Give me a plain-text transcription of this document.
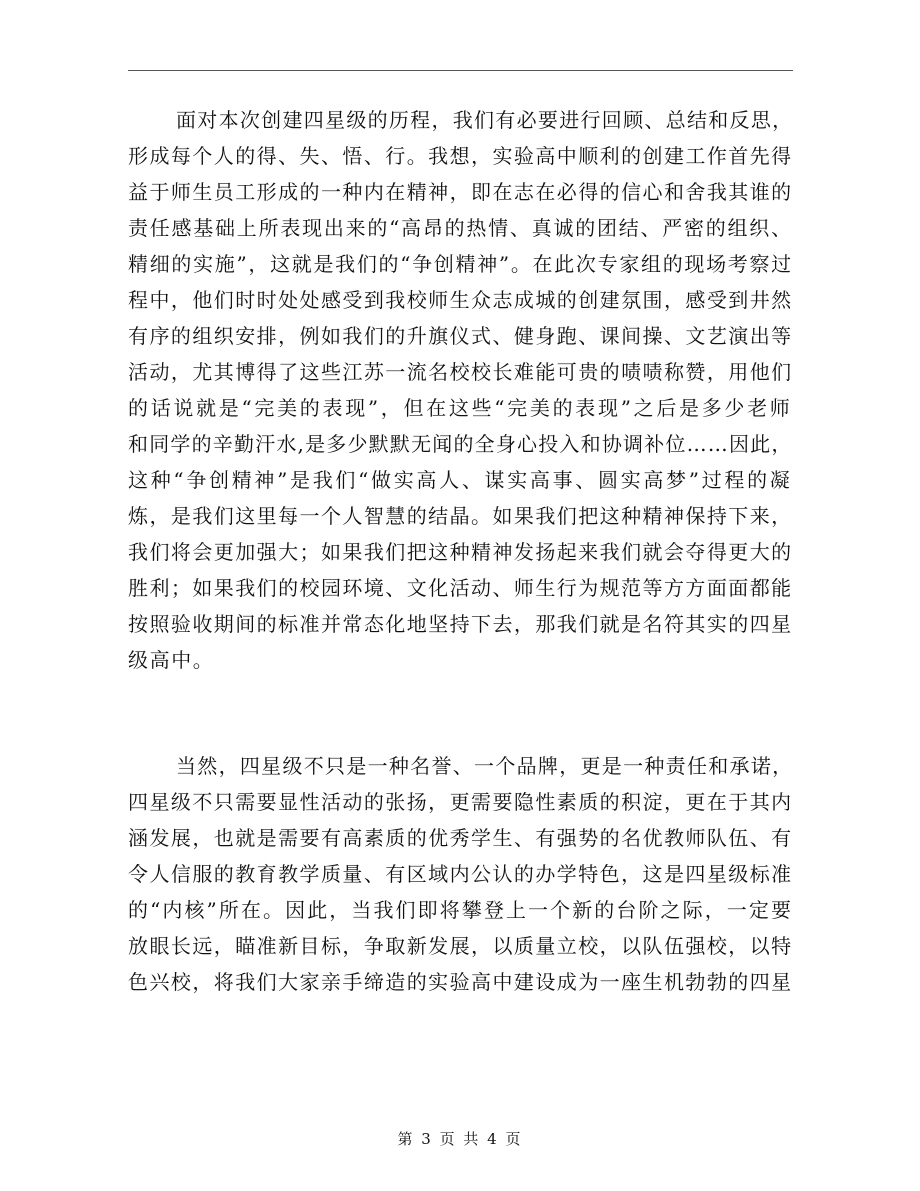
面对本次创建四星级的历程，我们有必要进行回顾、总结和反思，
形成每个人的得、失、悟、行。我想，实验高中顺利的创建工作首先得
益于师生员工形成的一种内在精神，即在志在必得的信心和舍我其谁的
责任感基础上所表现出来的“高昂的热情、真诚的团结、严密的组织、
精细的实施”，这就是我们的“争创精神”。在此次专家组的现场考察过
程中，他们时时处处感受到我校师生众志成城的创建氛围，感受到井然
有序的组织安排，例如我们的升旗仪式、健身跑、课间操、文艺演出等
活动，尤其博得了这些江苏一流名校校长难能可贵的啧啧称赞，用他们
的话说就是“完美的表现”，但在这些“完美的表现”之后是多少老师
和同学的辛勤汗水,是多少默默无闻的全身心投入和协调补位……因此，
这种“争创精神”是我们“做实高人、谋实高事、圆实高梦”过程的凝
炼，是我们这里每一个人智慧的结晶。如果我们把这种精神保持下来，
我们将会更加强大；如果我们把这种精神发扬起来我们就会夺得更大的
胜利；如果我们的校园环境、文化活动、师生行为规范等方方面面都能
按照验收期间的标准并常态化地坚持下去，那我们就是名符其实的四星
级高中。
当然，四星级不只是一种名誉、一个品牌，更是一种责任和承诺，
四星级不只需要显性活动的张扬，更需要隐性素质的积淀，更在于其内
涵发展，也就是需要有高素质的优秀学生、有强势的名优教师队伍、有
令人信服的教育教学质量、有区域内公认的办学特色，这是四星级标准
的“内核”所在。因此，当我们即将攀登上一个新的台阶之际，一定要
放眼长远，瞄准新目标，争取新发展，以质量立校，以队伍强校，以特
色兴校，将我们大家亲手缔造的实验高中建设成为一座生机勃勃的四星
第 3 页 共 4 页
